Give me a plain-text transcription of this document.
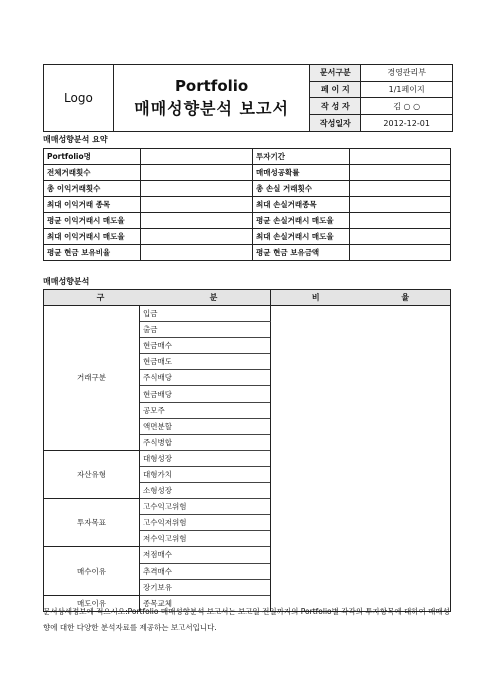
Logo
Portfolio
매매성향분석 보고서
문서구분	경영관리부
페 이 지	1/1페이지
작 성 자	김 ○ ○
작성일자	2012-12-01
매매성향분석 요약
Portfolio명		투자기간	
전체거래횟수		매매성공확률	
총 이익거래횟수		총 손실 거래횟수	
최대 이익거래 종목		최대 손실거래종목	
평균 이익거래시 매도율		평균 손실거래시 매도율	
최대 이익거래시 매도율		최대 손실거래시 매도율	
평균 현금 보유비율		평균 현금 보유금액	
매매성향분석
구 분		비 율

거래구분	입금	
	출금	
	현금매수	
	현금매도	
	주식배당	
	현금배당	
	공모주	
	액면분할	
	주식병합	
자산유형	대형성장	
	대형가치	
	소형성장	
투자목표	고수익고위험	
	고수익저위험	
	저수익고위험	
매수이유	저점매수	
	추격매수	
	장기보유	
매도이유	종목교체	
문서상세정보에 적으시오:Portfolio 매매성향분석 보고서는 보고일 전일까지의 Portfolio별 각각의 투자항목에 대하여 매매성향에 대한 다양한 분석자료를 제공하는 보고서입니다.
